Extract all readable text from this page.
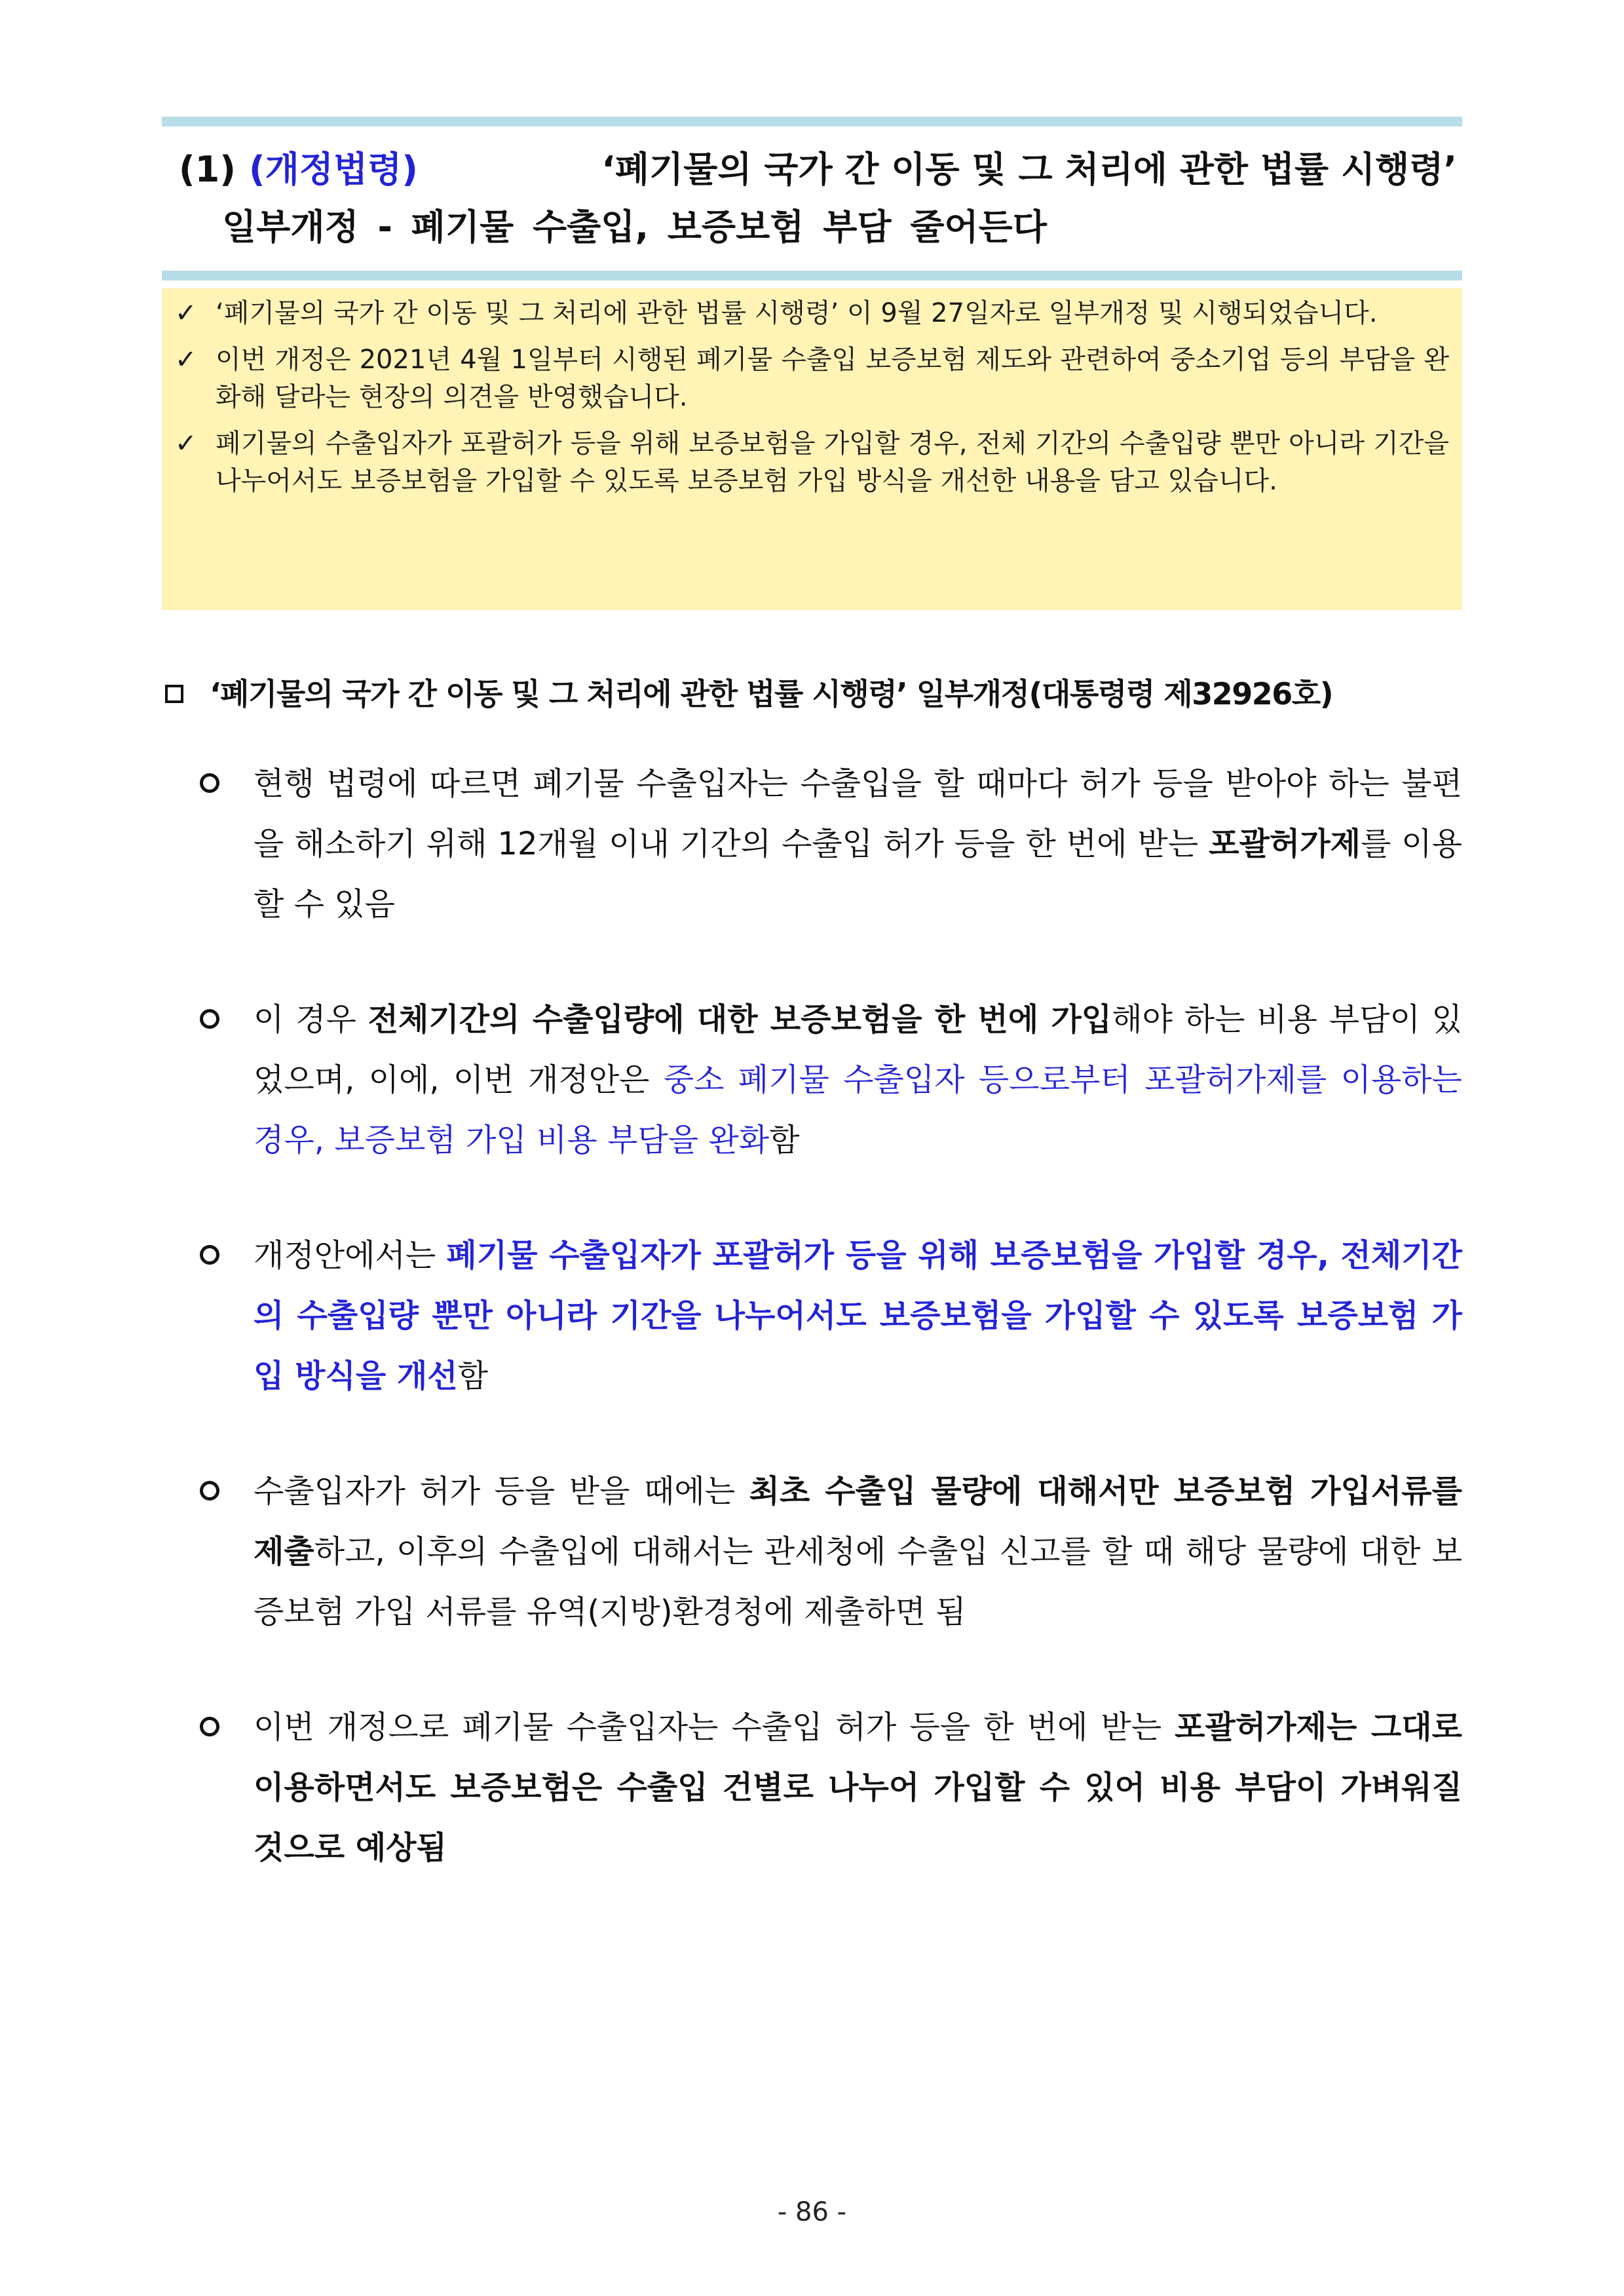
(1) (개정법령)	‘폐기물의 국가 간 이동 및 그 처리에 관한 법률 시행령’
일부개정 - 폐기물 수출입, 보증보험 부담 줄어든다
✓ ‘폐기물의 국가 간 이동 및 그 처리에 관한 법률 시행령’ 이 9월 27일자로 일부개정 및 시행되었습니다.
✓ 이번 개정은 2021년 4월 1일부터 시행된 폐기물 수출입 보증보험 제도와 관련하여 중소기업 등의 부담을 완화해 달라는 현장의 의견을 반영했습니다.
✓ 폐기물의 수출입자가 포괄허가 등을 위해 보증보험을 가입할 경우, 전체 기간의 수출입량 뿐만 아니라 기간을 나누어서도 보증보험을 가입할 수 있도록 보증보험 가입 방식을 개선한 내용을 담고 있습니다.
‘폐기물의 국가 간 이동 및 그 처리에 관한 법률 시행령’ 일부개정(대통령령 제32926호)
현행 법령에 따르면 폐기물 수출입자는 수출입을 할 때마다 허가 등을 받아야 하는 불편을 해소하기 위해 12개월 이내 기간의 수출입 허가 등을 한 번에 받는 포괄허가제를 이용할 수 있음
이 경우 전체기간의 수출입량에 대한 보증보험을 한 번에 가입해야 하는 비용 부담이 있었으며, 이에, 이번 개정안은 중소 폐기물 수출입자 등으로부터 포괄허가제를 이용하는 경우, 보증보험 가입 비용 부담을 완화함
개정안에서는 폐기물 수출입자가 포괄허가 등을 위해 보증보험을 가입할 경우, 전체기간의 수출입량 뿐만 아니라 기간을 나누어서도 보증보험을 가입할 수 있도록 보증보험 가입 방식을 개선함
수출입자가 허가 등을 받을 때에는 최초 수출입 물량에 대해서만 보증보험 가입서류를 제출하고, 이후의 수출입에 대해서는 관세청에 수출입 신고를 할 때 해당 물량에 대한 보증보험 가입 서류를 유역(지방)환경청에 제출하면 됨
이번 개정으로 폐기물 수출입자는 수출입 허가 등을 한 번에 받는 포괄허가제는 그대로 이용하면서도 보증보험은 수출입 건별로 나누어 가입할 수 있어 비용 부담이 가벼워질 것으로 예상됨
- 86 -
